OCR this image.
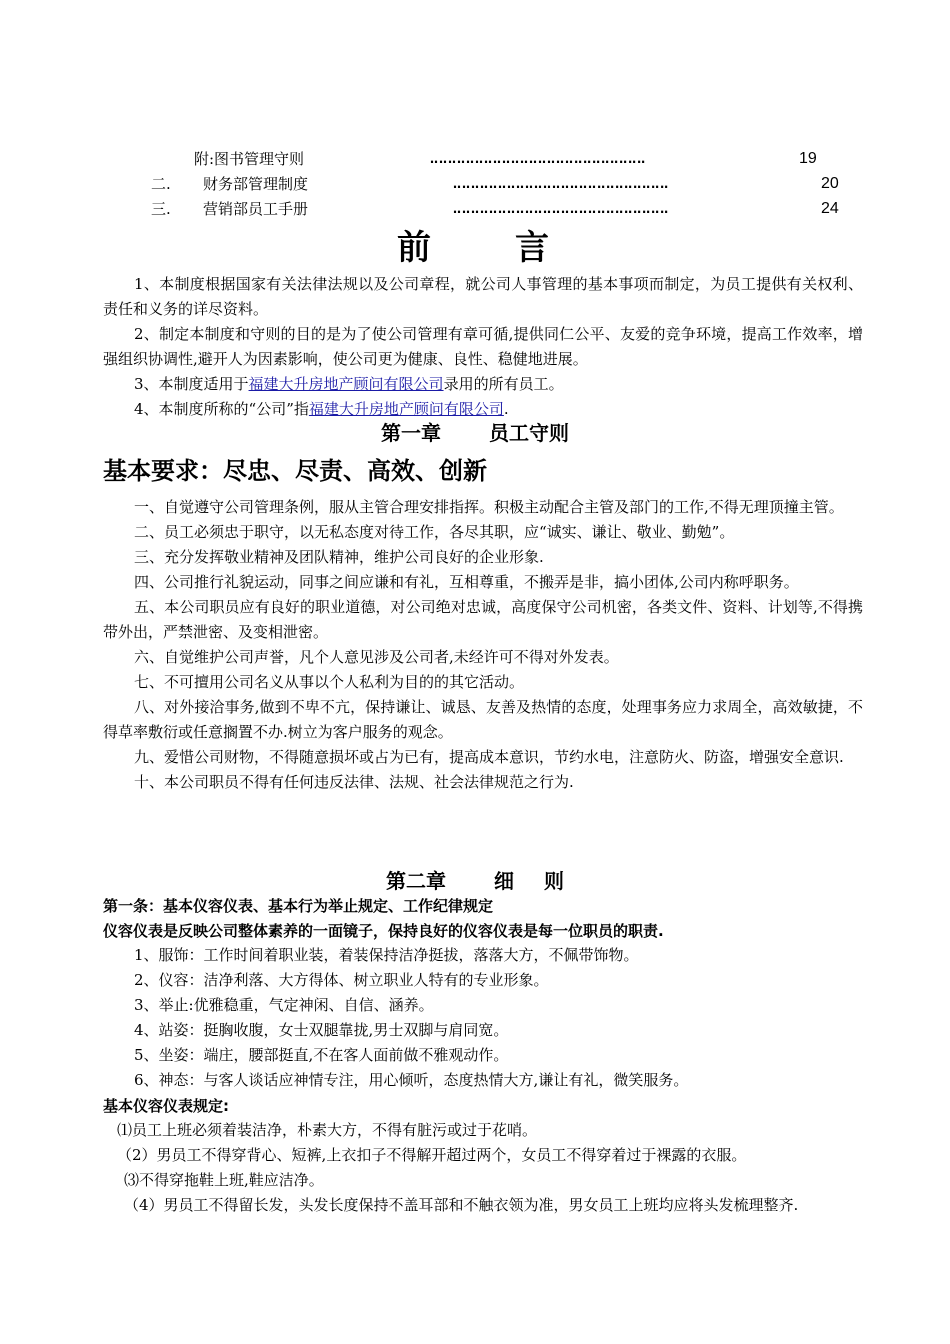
附:图书管理守则	‥‥‥‥‥‥‥‥‥‥‥‥‥‥‥‥‥‥‥‥‥‥‥‥	19
二. 财务部管理制度	‥‥‥‥‥‥‥‥‥‥‥‥‥‥‥‥‥‥‥‥‥‥‥‥	20
三. 营销部员工手册	‥‥‥‥‥‥‥‥‥‥‥‥‥‥‥‥‥‥‥‥‥‥‥‥	24
前 言

1、本制度根据国家有关法律法规以及公司章程，就公司人事管理的基本事项而制定，为员工提供有关权利、责任和义务的详尽资料。

2、制定本制度和守则的目的是为了使公司管理有章可循,提供同仁公平、友爱的竞争环境，提高工作效率，增强组织协调性,避开人为因素影响，使公司更为健康、良性、稳健地进展。

3、本制度适用于福建大升房地产顾问有限公司录用的所有员工。

4、本制度所称的“公司”指福建大升房地产顾问有限公司.

第一章 员工守则
基本要求：尽忠、尽责、高效、创新

一、自觉遵守公司管理条例，服从主管合理安排指挥。积极主动配合主管及部门的工作,不得无理顶撞主管。

二、员工必须忠于职守，以无私态度对待工作，各尽其职，应“诚实、谦让、敬业、勤勉”。

三、充分发挥敬业精神及团队精神，维护公司良好的企业形象.

四、公司推行礼貌运动，同事之间应谦和有礼，互相尊重，不搬弄是非，搞小团体,公司内称呼职务。

五、本公司职员应有良好的职业道德，对公司绝对忠诚，高度保守公司机密，各类文件、资料、计划等,不得携带外出，严禁泄密、及变相泄密。

六、自觉维护公司声誉，凡个人意见涉及公司者,未经许可不得对外发表。

七、不可擅用公司名义从事以个人私利为目的的其它活动。

八、对外接洽事务,做到不卑不亢，保持谦让、诚恳、友善及热情的态度，处理事务应力求周全，高效敏捷，不得草率敷衍或任意搁置不办.树立为客户服务的观念。

九、爱惜公司财物，不得随意损坏或占为已有，提高成本意识，节约水电，注意防火、防盗，增强安全意识.

十、本公司职员不得有任何违反法律、法规、社会法律规范之行为.

第二章 细 则
第一条：基本仪容仪表、基本行为举止规定、工作纪律规定
仪容仪表是反映公司整体素养的一面镜子，保持良好的仪容仪表是每一位职员的职责.
1、服饰：工作时间着职业装，着装保持洁净挺拔，落落大方，不佩带饰物。
2、仪容：洁净利落、大方得体、树立职业人特有的专业形象。
3、举止:优雅稳重，气定神闲、自信、涵养。
4、站姿：挺胸收腹，女士双腿靠拢,男士双脚与肩同宽。
5、坐姿：端庄，腰部挺直,不在客人面前做不雅观动作。
6、神态：与客人谈话应神情专注，用心倾听，态度热情大方,谦让有礼，微笑服务。
基本仪容仪表规定:
⑴员工上班必须着装洁净，朴素大方，不得有脏污或过于花哨。
（2）男员工不得穿背心、短裤,上衣扣子不得解开超过两个，女员工不得穿着过于裸露的衣服。
⑶不得穿拖鞋上班,鞋应洁净。

（4）男员工不得留长发，头发长度保持不盖耳部和不触衣领为准，男女员工上班均应将头发梳理整齐.
